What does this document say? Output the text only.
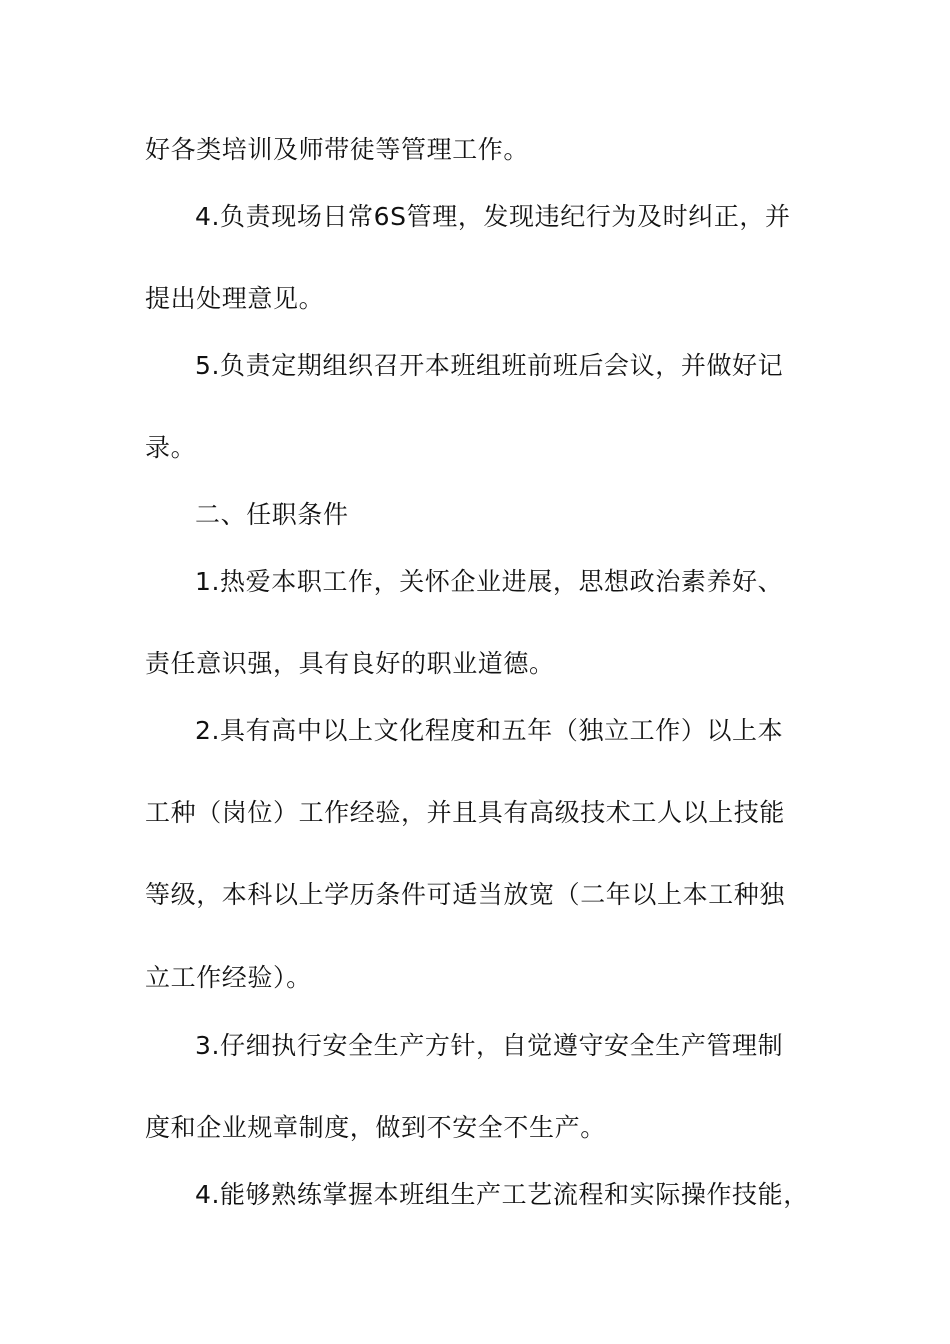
好各类培训及师带徒等管理工作。
4.负责现场日常6S管理，发现违纪行为及时纠正，并
提出处理意见。
5.负责定期组织召开本班组班前班后会议，并做好记
录。
二、任职条件
1.热爱本职工作，关怀企业进展，思想政治素养好、
责任意识强，具有良好的职业道德。
2.具有高中以上文化程度和五年（独立工作）以上本
工种（岗位）工作经验，并且具有高级技术工人以上技能
等级，本科以上学历条件可适当放宽（二年以上本工种独
立工作经验）。
3.仔细执行安全生产方针，自觉遵守安全生产管理制
度和企业规章制度，做到不安全不生产。
4.能够熟练掌握本班组生产工艺流程和实际操作技能，
